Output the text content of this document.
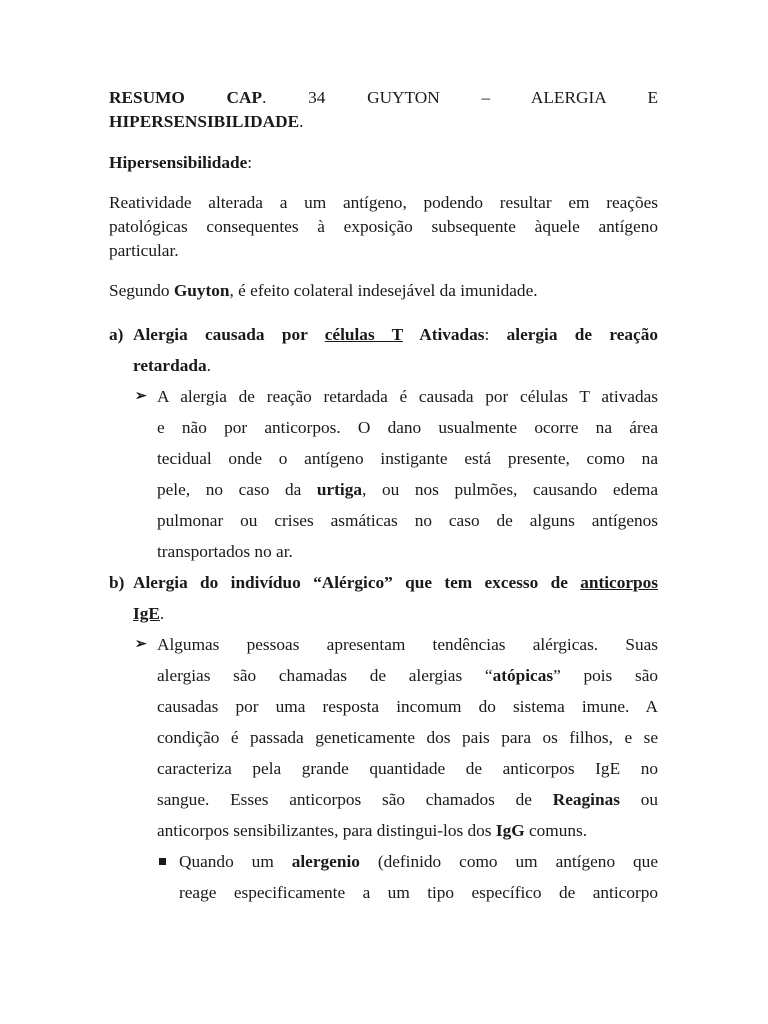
RESUMO CAP. 34 GUYTON – ALERGIA E

HIPERSENSIBILIDADE.

Hipersensibilidade:

Reatividade alterada a um antígeno, podendo resultar em reações

patológicas consequentes à exposição subsequente àquele antígeno

particular.

Segundo Guyton, é efeito colateral indesejável da imunidade.

a) Alergia causada por células T Ativadas: alergia de reação

retardada.

➢ A alergia de reação retardada é causada por células T ativadas

e não por anticorpos. O dano usualmente ocorre na área

tecidual onde o antígeno instigante está presente, como na

pele, no caso da urtiga, ou nos pulmões, causando edema

pulmonar ou crises asmáticas no caso de alguns antígenos

transportados no ar.

b) Alergia do indivíduo “Alérgico” que tem excesso de anticorpos

IgE.

➢ Algumas pessoas apresentam tendências alérgicas. Suas

alergias são chamadas de alergias “atópicas” pois são

causadas por uma resposta incomum do sistema imune. A

condição é passada geneticamente dos pais para os filhos, e se

caracteriza pela grande quantidade de anticorpos IgE no

sangue. Esses anticorpos são chamados de Reaginas ou

anticorpos sensibilizantes, para distingui-los dos IgG comuns.

Quando um alergenio (definido como um antígeno que

reage especificamente a um tipo específico de anticorpo
